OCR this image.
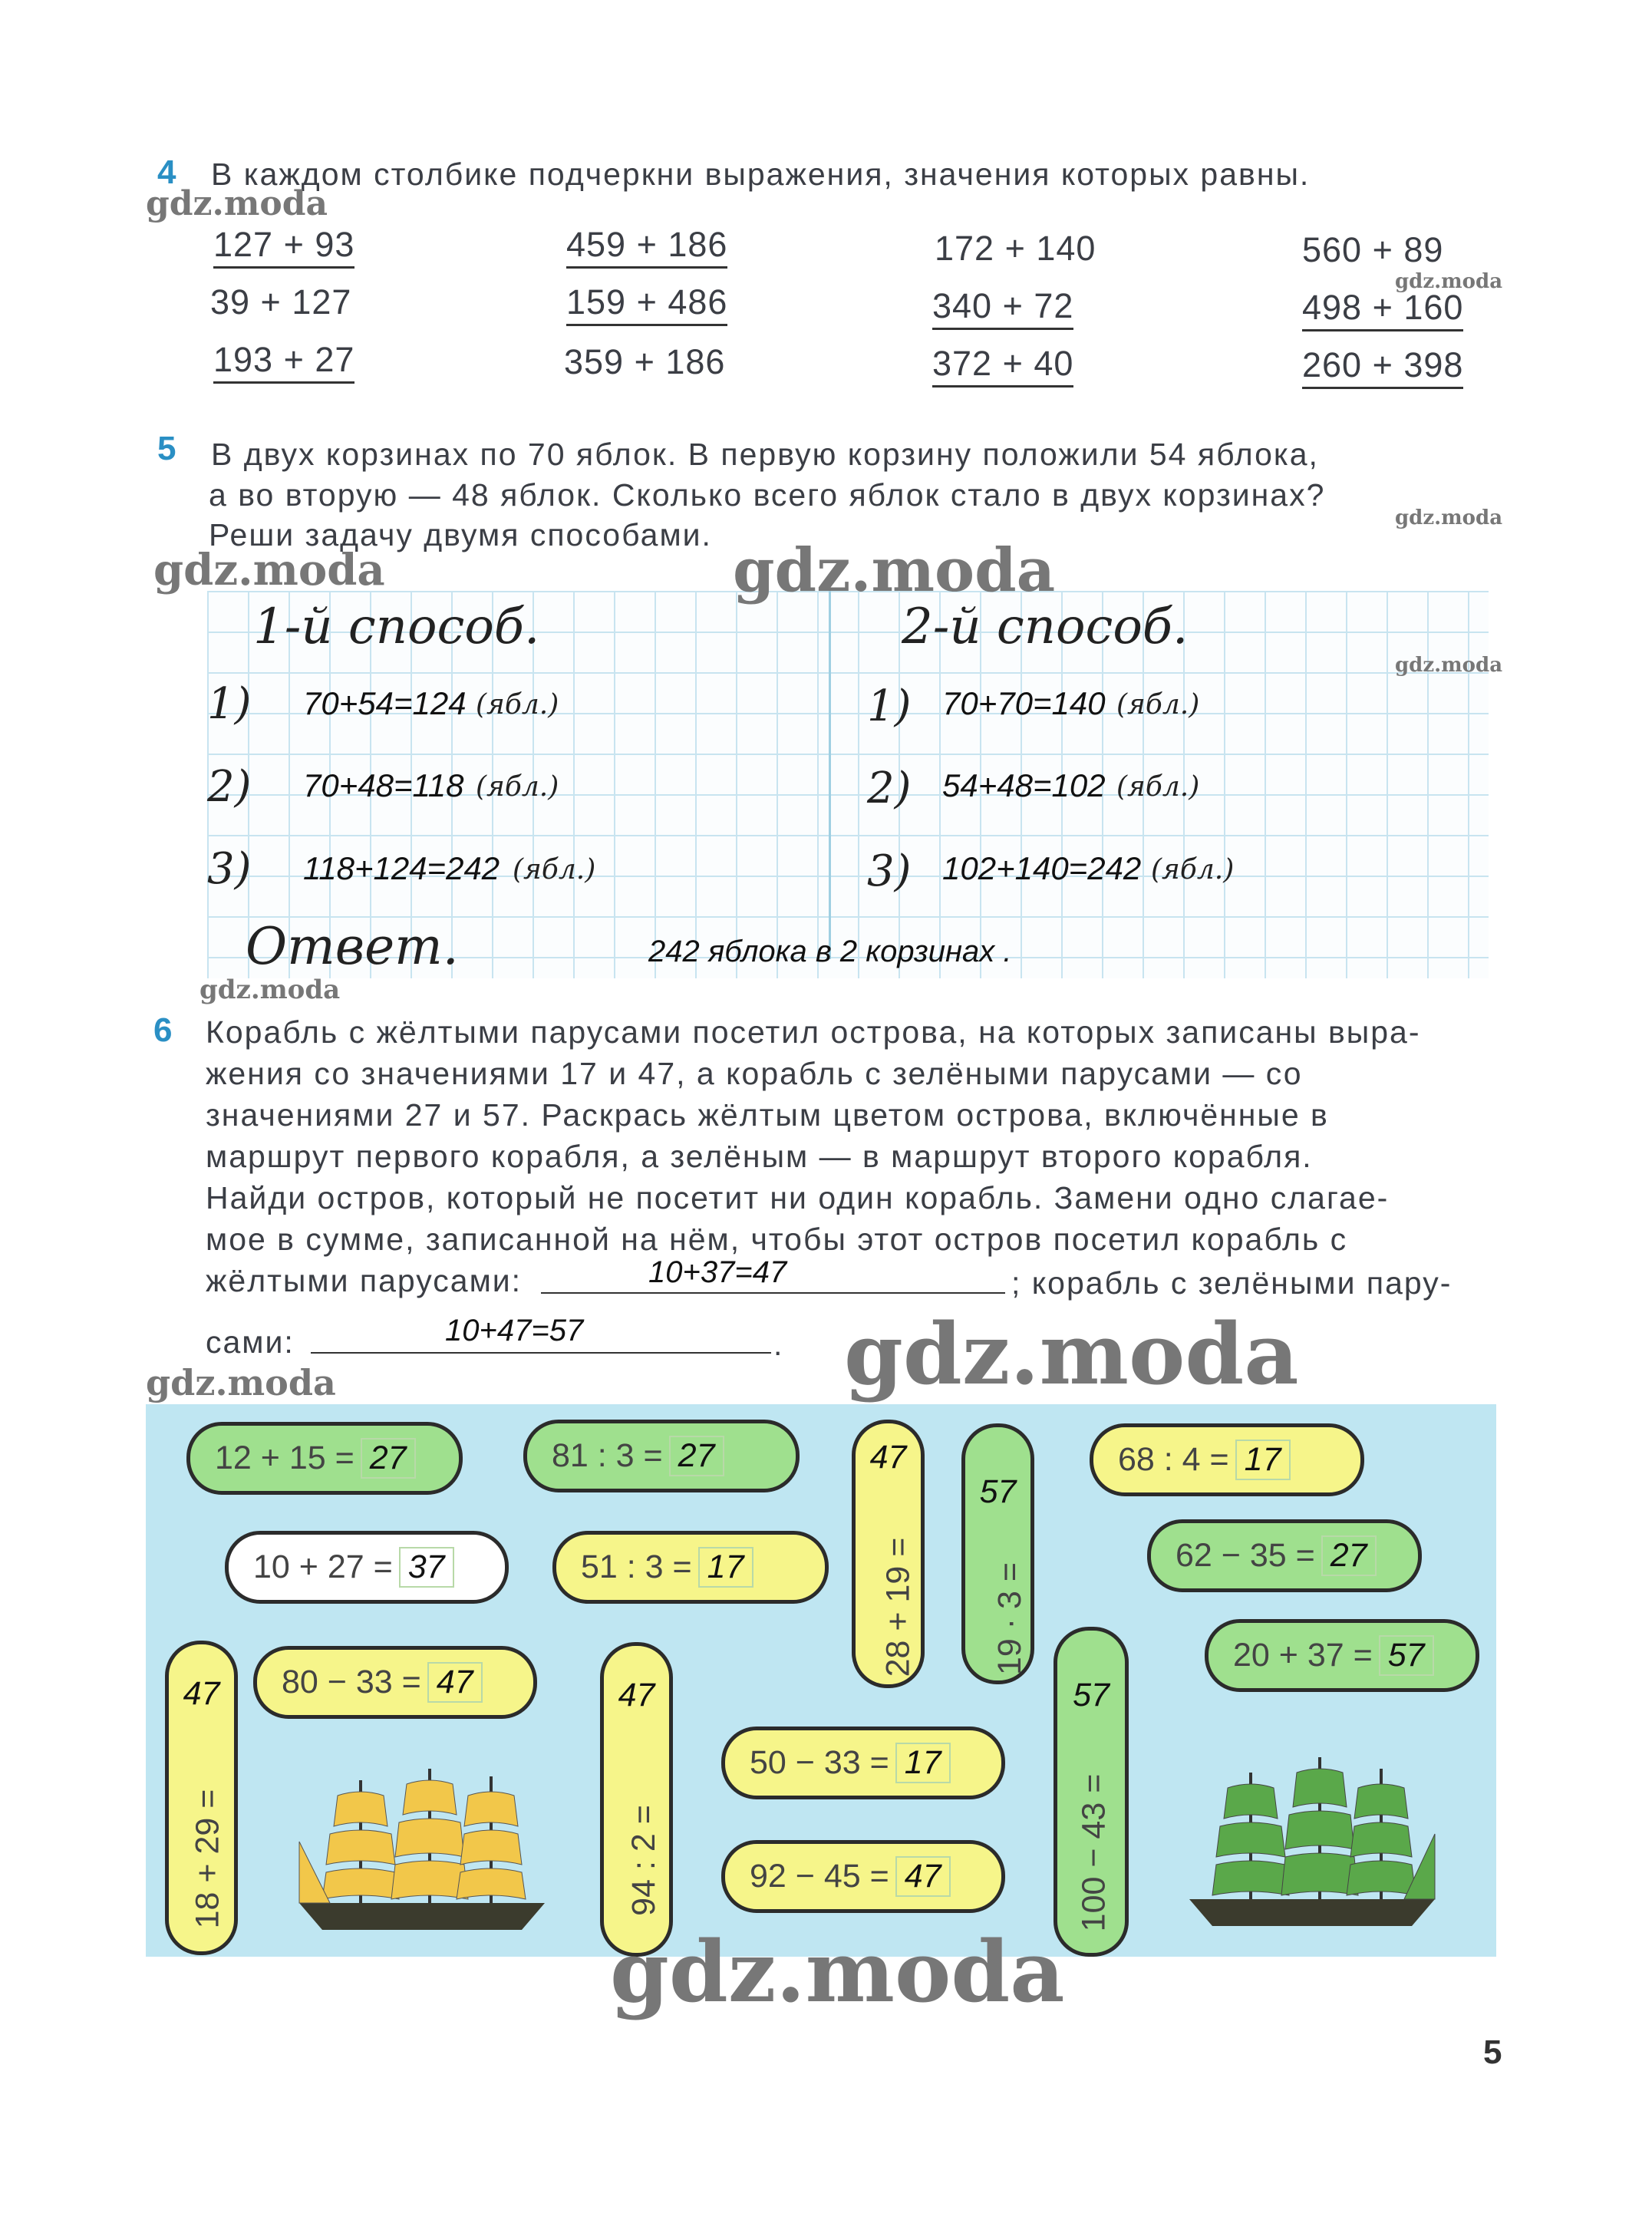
4 В каждом столбике подчеркни выражения, значения которых равны.
127 + 93
39 + 127
193 + 27
459 + 186
159 + 486
359 + 186
172 + 140
340 + 72
372 + 40
560 + 89
498 + 160
260 + 398
5 В двух корзинах по 70 яблок. В первую корзину положили 54 яблока,
а во вторую — 48 яблок. Сколько всего яблок стало в двух корзинах?
Реши задачу двумя способами.
1-й способ.	2-й способ.
1) 70+54=124 (ябл.)
2) 70+48=118 (ябл.)
3) 118+124=242 (ябл.)
1) 70+70=140 (ябл.)
2) 54+48=102 (ябл.)
3) 102+140=242 (ябл.)
Ответ.	242 яблока в 2 корзинах .
6 Корабль с жёлтыми парусами посетил острова, на которых записаны выра-
жения со значениями 17 и 47, а корабль с зелёными парусами — со
значениями 27 и 57. Раскрась жёлтым цветом острова, включённые в
маршрут первого корабля, а зелёным — в маршрут второго корабля.
Найди остров, который не посетит ни один корабль. Замени одно слагае-
мое в сумме, записанной на нём, чтобы этот остров посетил корабль с
жёлтыми парусами:	10+37=47	; корабль с зелёными пару-
сами:	10+47=57	.
12 + 15 = 27	81 : 3 = 27	68 : 4 = 17
10 + 27 = 37	51 : 3 = 17	62 − 35 = 27
20 + 37 = 57
80 − 33 = 47
50 − 33 = 17
92 − 45 = 47
47
28 + 19 =
57
19 · 3 =
47
18 + 29 =
47
94 : 2 =
57
100 − 43 =
5
gdz.moda
gdz.moda
gdz.moda
gdz.moda	gdz.moda
gdz.moda
gdz.moda
gdz.moda
gdz.moda
gdz.moda
